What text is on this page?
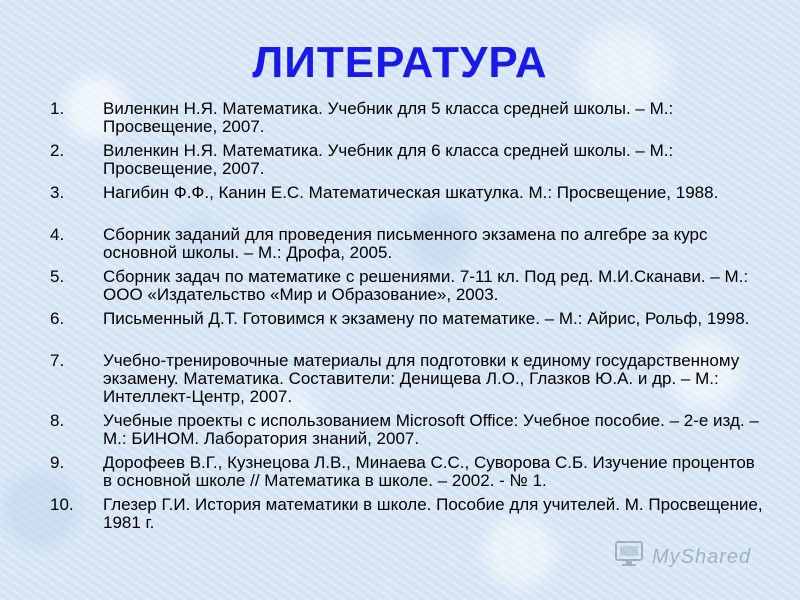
ЛИТЕРАТУРА
1. Виленкин Н.Я. Математика. Учебник для 5 класса средней школы. – М.: Просвещение, 2007.
2. Виленкин Н.Я. Математика. Учебник для 6 класса средней школы. – М.: Просвещение, 2007.
3. Нагибин Ф.Ф., Канин Е.С. Математическая шкатулка. М.: Просвещение, 1988.
4. Сборник заданий для проведения письменного экзамена по алгебре за курс основной школы. – М.: Дрофа, 2005.
5. Сборник задач по математике с решениями. 7-11 кл. Под ред. М.И.Сканави. – М.: ООО «Издательство «Мир и Образование», 2003.
6. Письменный Д.Т. Готовимся к экзамену по математике. – М.: Айрис, Рольф, 1998.
7. Учебно-тренировочные материалы для подготовки к единому государственному экзамену. Математика. Составители: Денищева Л.О., Глазков Ю.А. и др. – М.: Интеллект-Центр, 2007.
8. Учебные проекты с использованием Microsoft Office: Учебное пособие. – 2-е изд. – М.: БИНОМ. Лаборатория знаний, 2007.
9. Дорофеев В.Г., Кузнецова Л.В., Минаева С.С., Суворова С.Б. Изучение процентов в основной школе // Математика в школе. – 2002. - № 1.
10. Глезер Г.И. История математики в школе. Пособие для учителей. М. Просвещение, 1981 г.
MyShared
